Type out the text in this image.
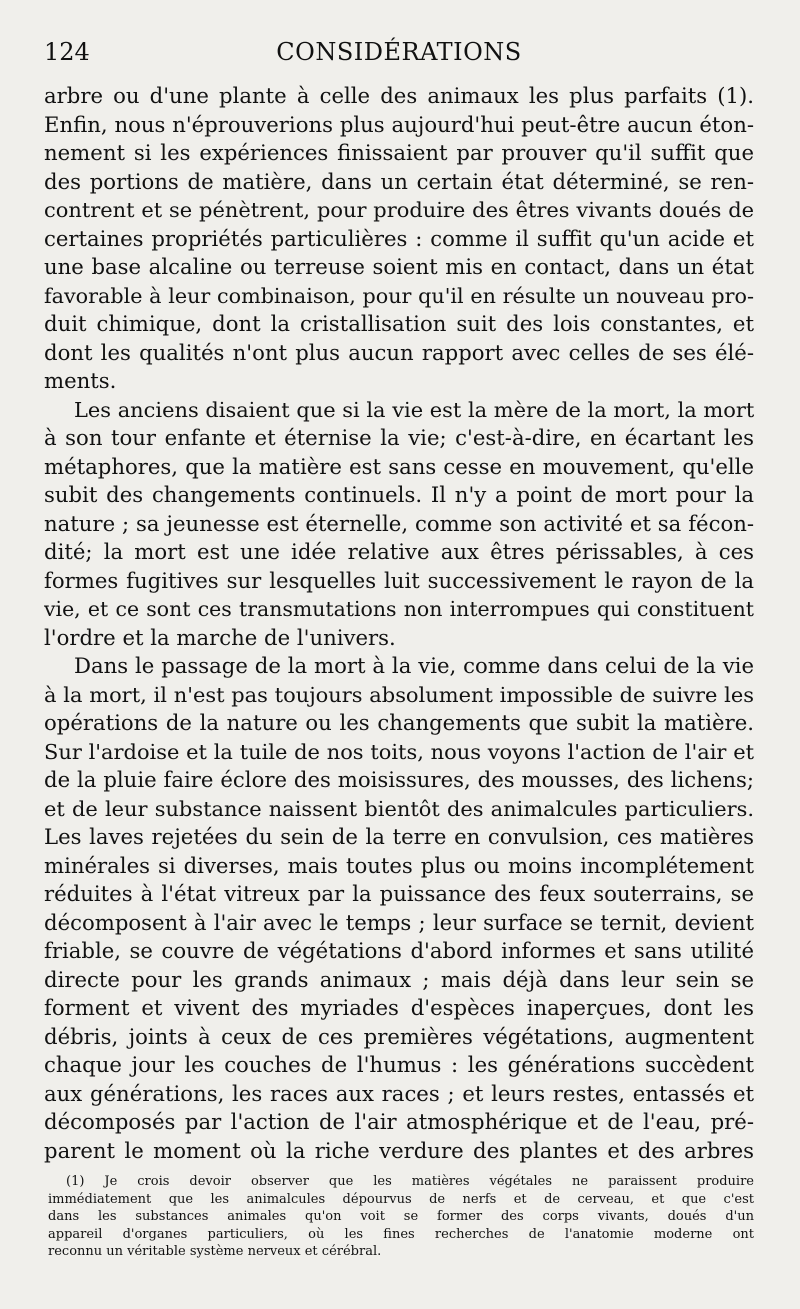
124	CONSIDÉRATIONS
arbre ou d'une plante à celle des animaux les plus parfaits (1).
Enfin, nous n'éprouverions plus aujourd'hui peut-être aucun éton-
nement si les expériences finissaient par prouver qu'il suffit que
des portions de matière, dans un certain état déterminé, se ren-
contrent et se pénètrent, pour produire des êtres vivants doués de
certaines propriétés particulières : comme il suffit qu'un acide et
une base alcaline ou terreuse soient mis en contact, dans un état
favorable à leur combinaison, pour qu'il en résulte un nouveau pro-
duit chimique, dont la cristallisation suit des lois constantes, et
dont les qualités n'ont plus aucun rapport avec celles de ses élé-
ments.
Les anciens disaient que si la vie est la mère de la mort, la mort
à son tour enfante et éternise la vie; c'est-à-dire, en écartant les
métaphores, que la matière est sans cesse en mouvement, qu'elle
subit des changements continuels. Il n'y a point de mort pour la
nature ; sa jeunesse est éternelle, comme son activité et sa fécon-
dité; la mort est une idée relative aux êtres périssables, à ces
formes fugitives sur lesquelles luit successivement le rayon de la
vie, et ce sont ces transmutations non interrompues qui constituent
l'ordre et la marche de l'univers.
Dans le passage de la mort à la vie, comme dans celui de la vie
à la mort, il n'est pas toujours absolument impossible de suivre les
opérations de la nature ou les changements que subit la matière.
Sur l'ardoise et la tuile de nos toits, nous voyons l'action de l'air et
de la pluie faire éclore des moisissures, des mousses, des lichens;
et de leur substance naissent bientôt des animalcules particuliers.
Les laves rejetées du sein de la terre en convulsion, ces matières
minérales si diverses, mais toutes plus ou moins incomplétement
réduites à l'état vitreux par la puissance des feux souterrains, se
décomposent à l'air avec le temps ; leur surface se ternit, devient
friable, se couvre de végétations d'abord informes et sans utilité
directe pour les grands animaux ; mais déjà dans leur sein se
forment et vivent des myriades d'espèces inaperçues, dont les
débris, joints à ceux de ces premières végétations, augmentent
chaque jour les couches de l'humus : les générations succèdent
aux générations, les races aux races ; et leurs restes, entassés et
décomposés par l'action de l'air atmosphérique et de l'eau, pré-
parent le moment où la riche verdure des plantes et des arbres
(1) Je crois devoir observer que les matières végétales ne paraissent produire
immédiatement que les animalcules dépourvus de nerfs et de cerveau, et que c'est
dans les substances animales qu'on voit se former des corps vivants, doués d'un
appareil d'organes particuliers, où les fines recherches de l'anatomie moderne ont
reconnu un véritable système nerveux et cérébral.
